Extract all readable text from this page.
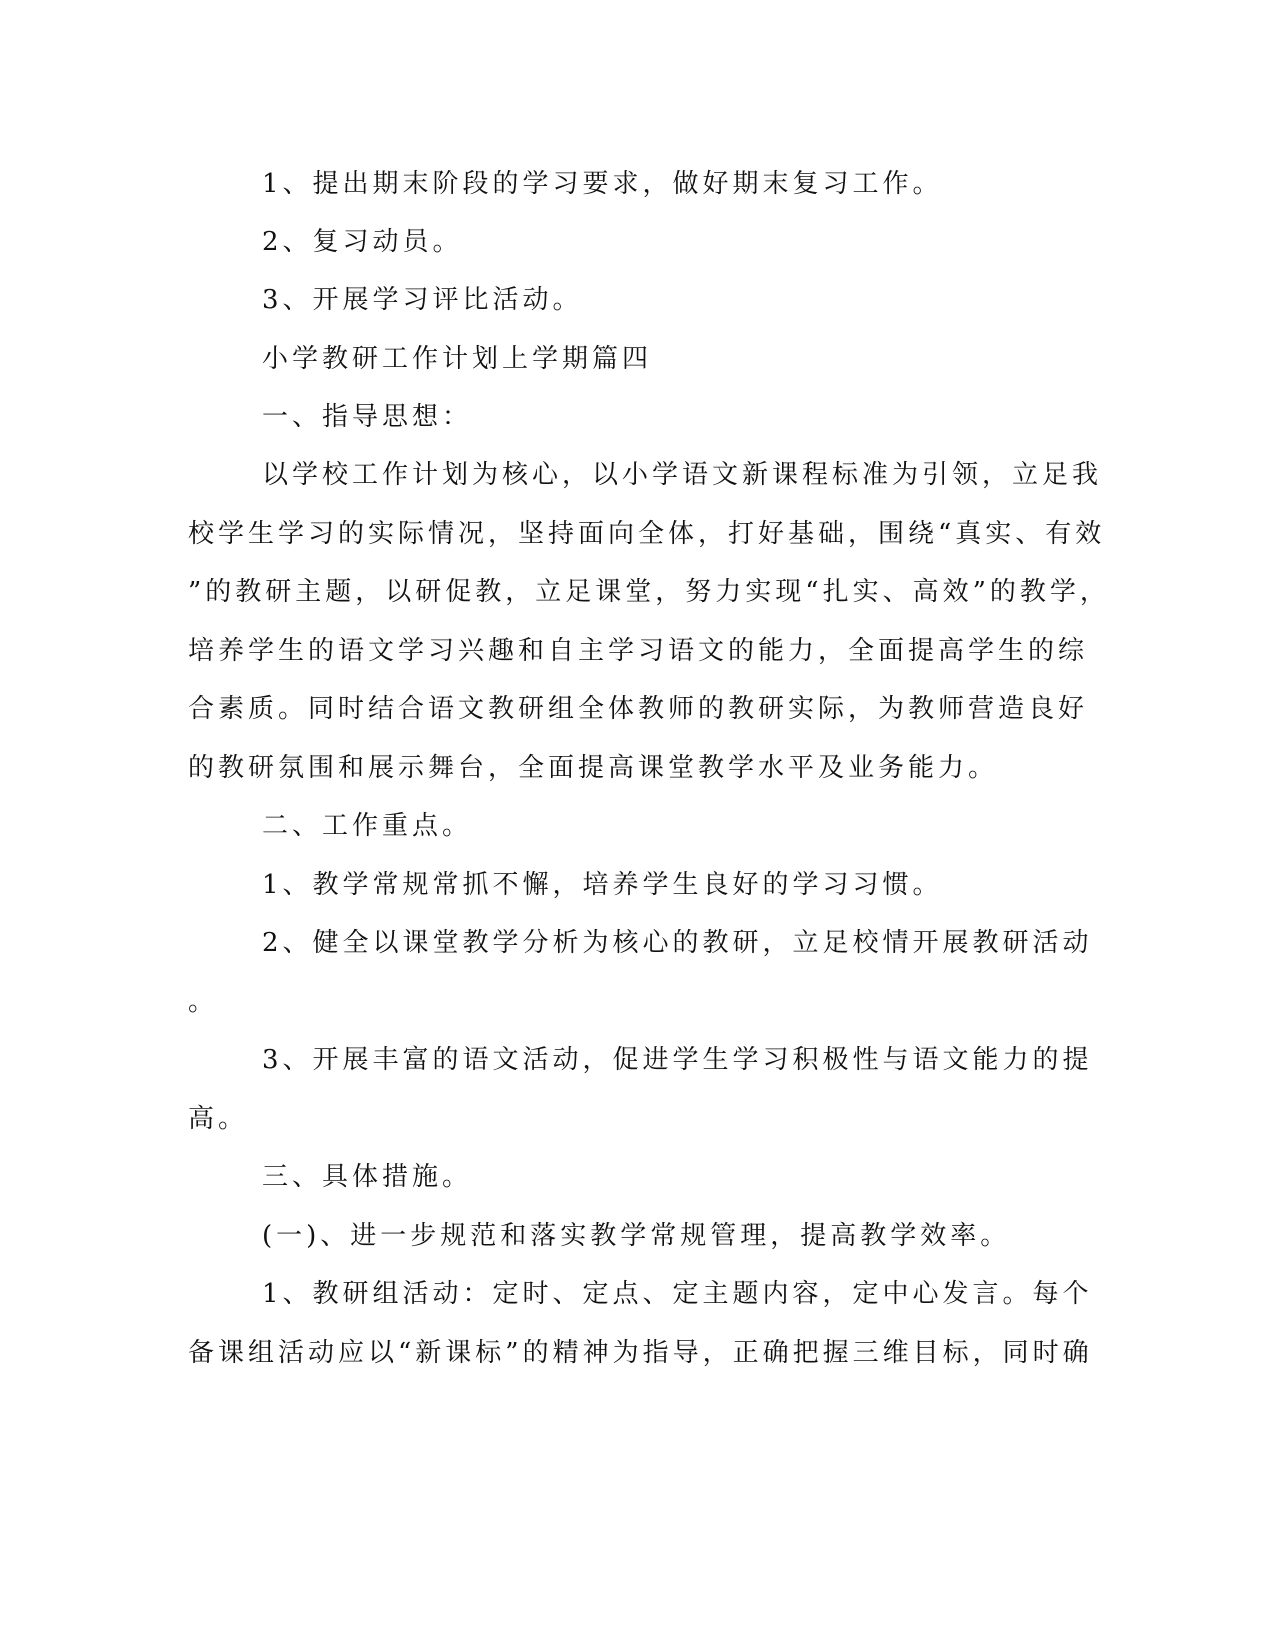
1、提出期末阶段的学习要求，做好期末复习工作。
2、复习动员。
3、开展学习评比活动。
小学教研工作计划上学期篇四
一、指导思想：
以学校工作计划为核心，以小学语文新课程标准为引领，立足我
校学生学习的实际情况，坚持面向全体，打好基础，围绕“真实、有效
”的教研主题，以研促教，立足课堂，努力实现“扎实、高效”的教学，
培养学生的语文学习兴趣和自主学习语文的能力，全面提高学生的综
合素质。同时结合语文教研组全体教师的教研实际，为教师营造良好
的教研氛围和展示舞台，全面提高课堂教学水平及业务能力。
二、工作重点。
1、教学常规常抓不懈，培养学生良好的学习习惯。
2、健全以课堂教学分析为核心的教研，立足校情开展教研活动
。
3、开展丰富的语文活动，促进学生学习积极性与语文能力的提
高。
三、具体措施。
(一)、进一步规范和落实教学常规管理，提高教学效率。
1、教研组活动：定时、定点、定主题内容，定中心发言。每个
备课组活动应以“新课标”的精神为指导，正确把握三维目标，同时确
